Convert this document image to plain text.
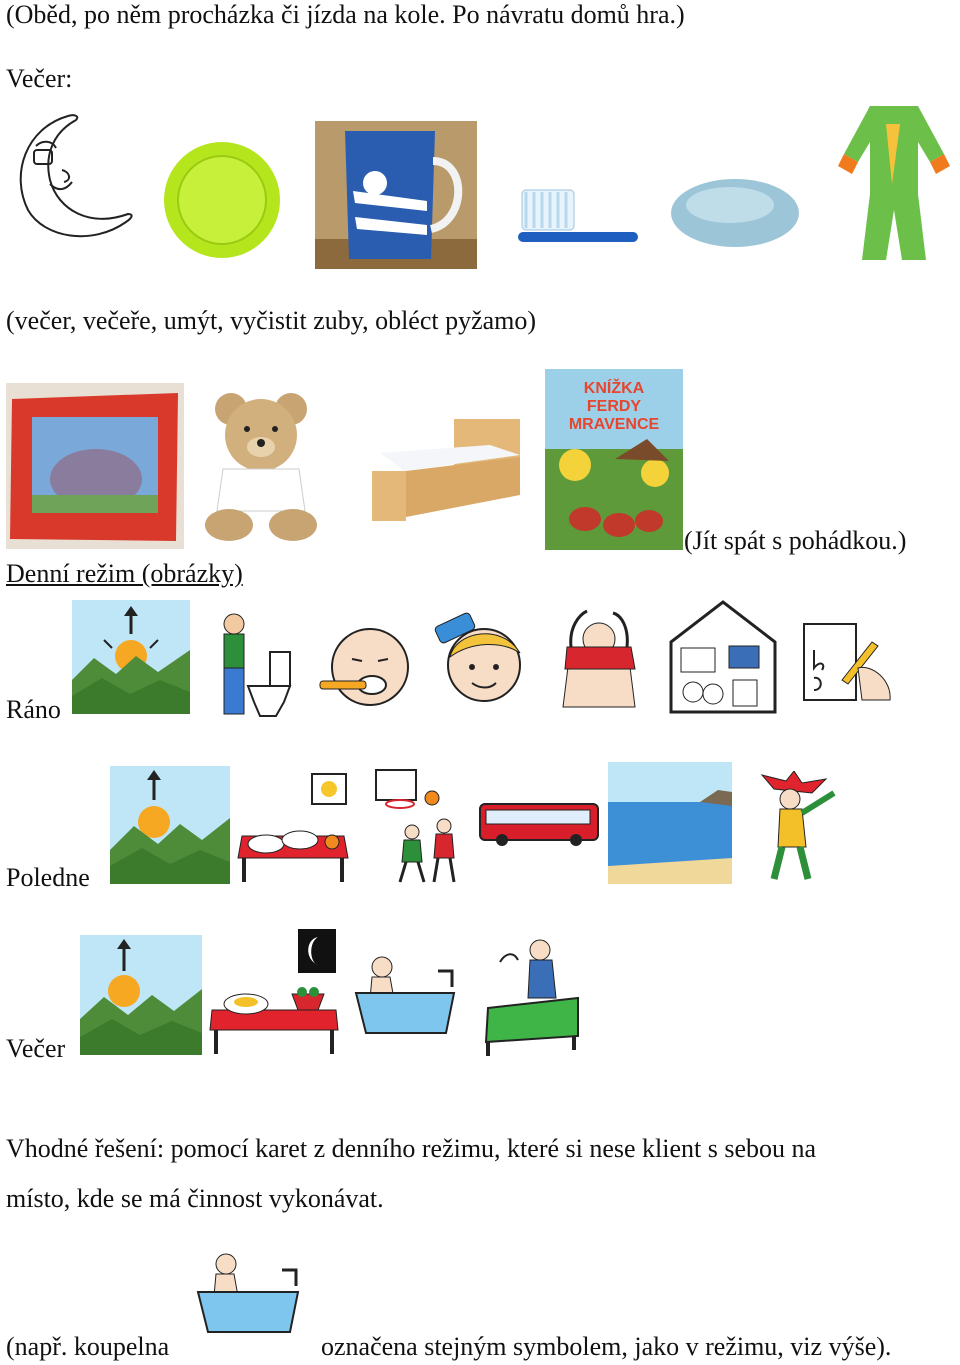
(Oběd, po něm procházka či jízda na kole. Po návratu domů hra.)
Večer:
(večer, večeře, umýt, vyčistit zuby, obléct pyžamo)
(Jít spát s pohádkou.)
Denní režim (obrázky)
Ráno
Poledne
Večer
Vhodné řešení: pomocí karet z denního režimu, které si nese klient s sebou na
místo, kde se má činnost vykonávat.
(např. koupelna	označena stejným symbolem, jako v režimu, viz výše).
KNÍŽKA
FERDY
MRAVENCE
